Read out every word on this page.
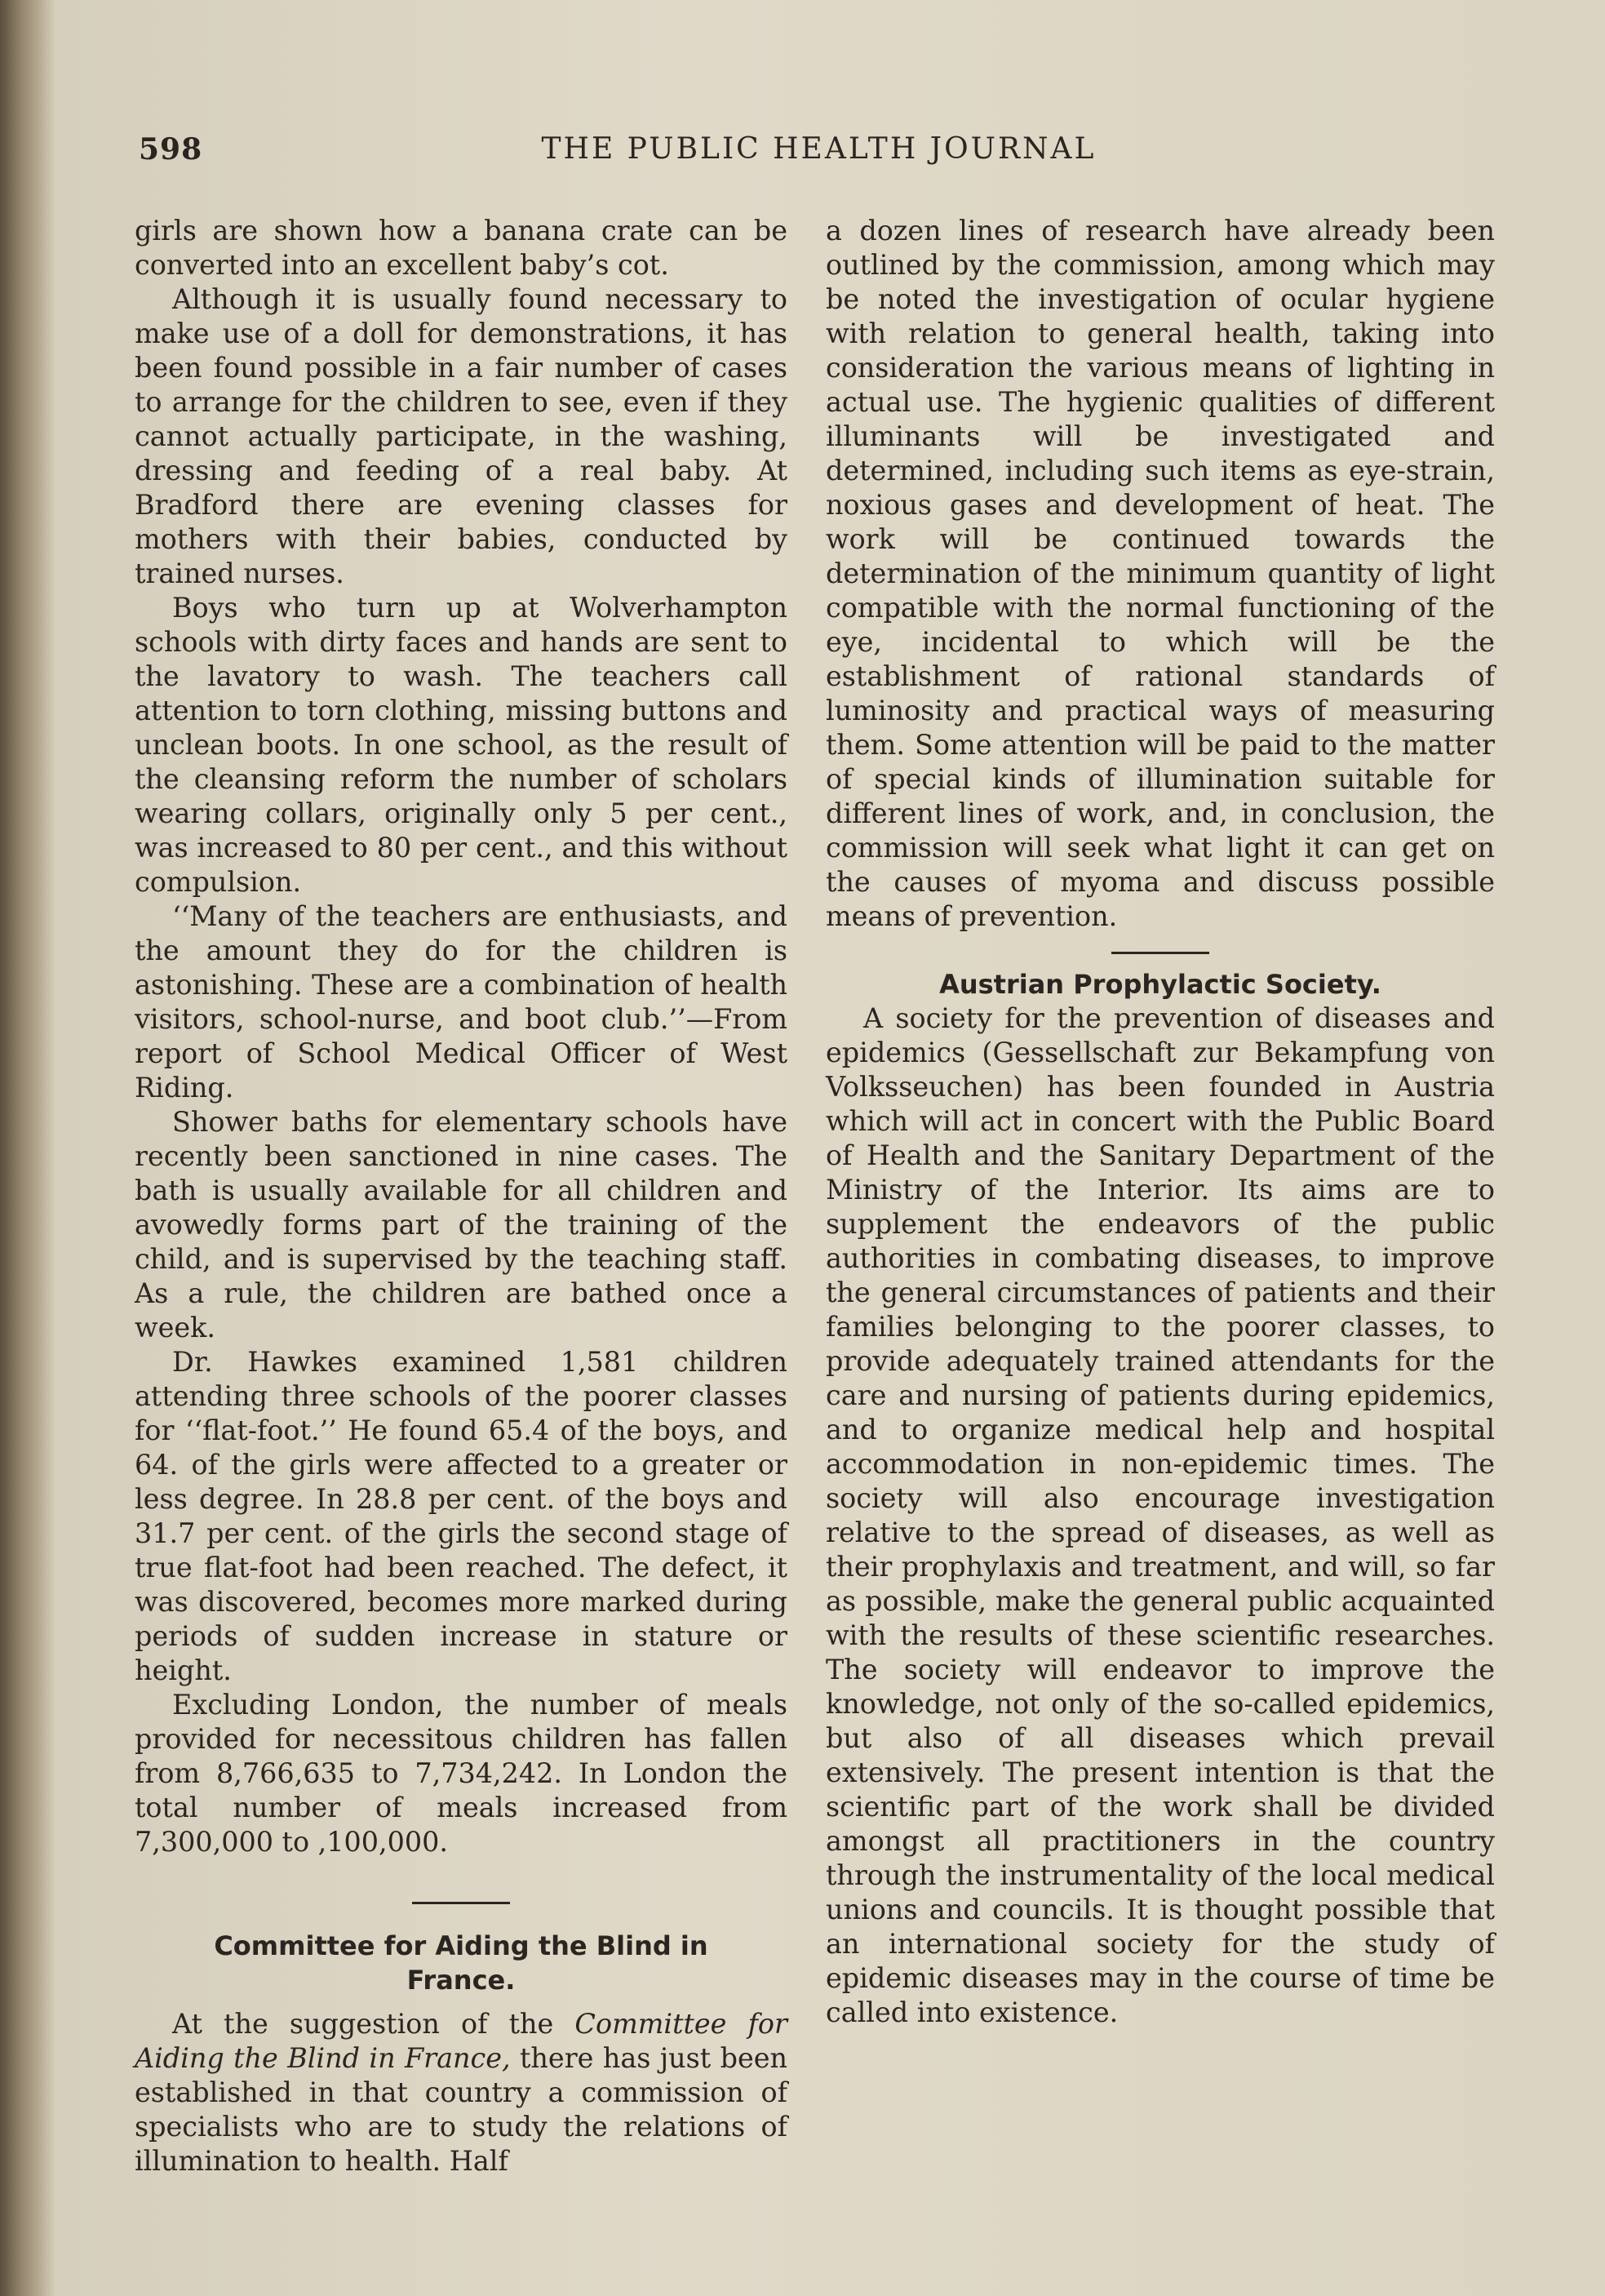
598	THE PUBLIC HEALTH JOURNAL

girls are shown how a banana crate can be converted into an excellent baby’s cot.

Although it is usually found necessary to make use of a doll for demonstrations, it has been found possible in a fair number of cases to arrange for the children to see, even if they cannot actually participate, in the washing, dressing and feeding of a real baby. At Bradford there are evening classes for mothers with their babies, conducted by trained nurses.

Boys who turn up at Wolverhampton schools with dirty faces and hands are sent to the lavatory to wash. The teachers call attention to torn clothing, missing buttons and unclean boots. In one school, as the result of the cleansing reform the number of scholars wearing collars, originally only 5 per cent., was increased to 80 per cent., and this without compulsion.

‘‘Many of the teachers are enthusiasts, and the amount they do for the children is astonishing. These are a combination of health visitors, school-nurse, and boot club.’’—From report of School Medical Officer of West Riding.

Shower baths for elementary schools have recently been sanctioned in nine cases. The bath is usually available for all children and avowedly forms part of the training of the child, and is supervised by the teaching staff. As a rule, the children are bathed once a week.

Dr. Hawkes examined 1,581 children attending three schools of the poorer classes for ‘‘flat-foot.’’ He found 65.4 of the boys, and 64. of the girls were affected to a greater or less degree. In 28.8 per cent. of the boys and 31.7 per cent. of the girls the second stage of true flat-foot had been reached. The defect, it was discovered, becomes more marked during periods of sudden increase in stature or height.

Excluding London, the number of meals provided for necessitous children has fallen from 8,766,635 to 7,734,242. In London the total number of meals increased from 7,300,000 to ,100,000.

Committee for Aiding the Blind in
France.

At the suggestion of the Committee for Aiding the Blind in France, there has just been established in that country a commission of specialists who are to study the relations of illumination to health. Half

a dozen lines of research have already been outlined by the commission, among which may be noted the investigation of ocular hygiene with relation to general health, taking into consideration the various means of lighting in actual use. The hygienic qualities of different illuminants will be investigated and determined, including such items as eye-strain, noxious gases and development of heat. The work will be continued towards the determination of the minimum quantity of light compatible with the normal functioning of the eye, incidental to which will be the establishment of rational standards of luminosity and practical ways of measuring them. Some attention will be paid to the matter of special kinds of illumination suitable for different lines of work, and, in conclusion, the commission will seek what light it can get on the causes of myoma and discuss possible means of prevention.

Austrian Prophylactic Society.

A society for the prevention of diseases and epidemics (Gessellschaft zur Bekampfung von Volksseuchen) has been founded in Austria which will act in concert with the Public Board of Health and the Sanitary Department of the Ministry of the Interior. Its aims are to supplement the endeavors of the public authorities in combating diseases, to improve the general circumstances of patients and their families belonging to the poorer classes, to provide adequately trained attendants for the care and nursing of patients during epidemics, and to organize medical help and hospital accommodation in non-epidemic times. The society will also encourage investigation relative to the spread of diseases, as well as their prophylaxis and treatment, and will, so far as possible, make the general public acquainted with the results of these scientific researches. The society will endeavor to improve the knowledge, not only of the so-called epidemics, but also of all diseases which prevail extensively. The present intention is that the scientific part of the work shall be divided amongst all practitioners in the country through the instrumentality of the local medical unions and councils. It is thought possible that an international society for the study of epidemic diseases may in the course of time be called into existence.
